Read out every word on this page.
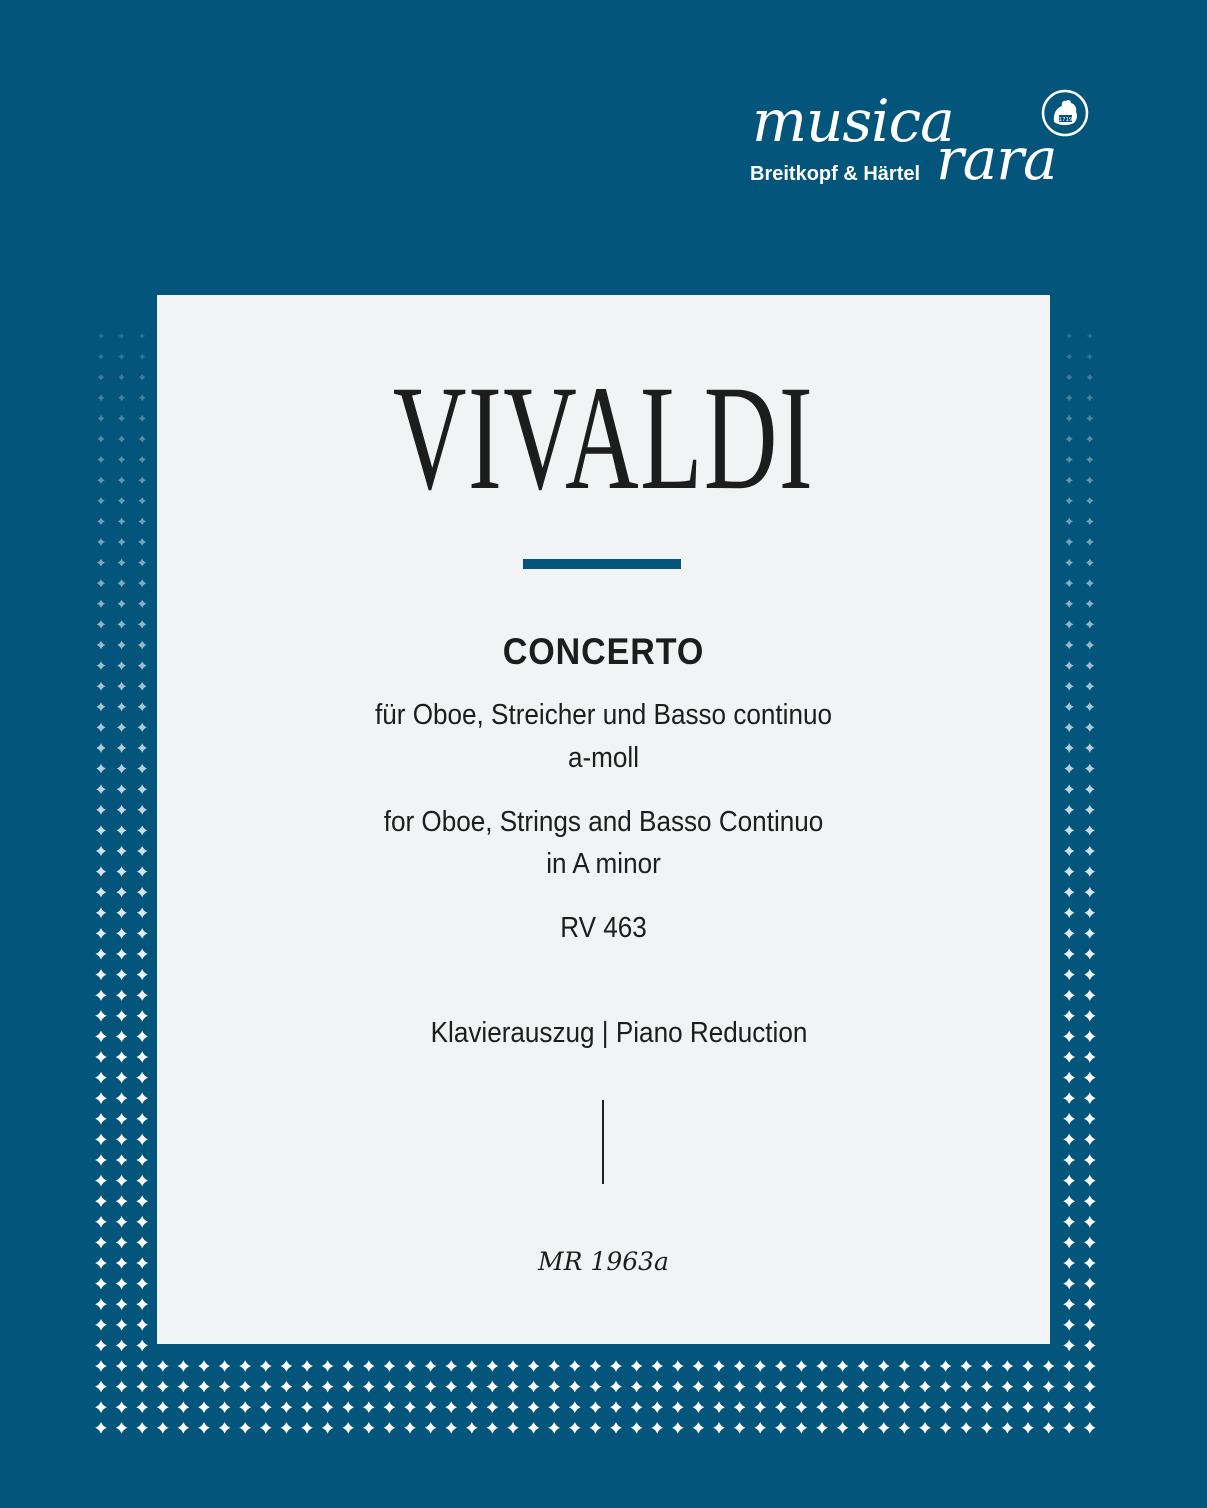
musica
rara
Breitkopf & Härtel
1719
VIVALDI
CONCERTO
für Oboe, Streicher und Basso continuo
a-moll
for Oboe, Strings and Basso Continuo
in A minor
RV 463
Klavierauszug | Piano Reduction
MR 1963a
